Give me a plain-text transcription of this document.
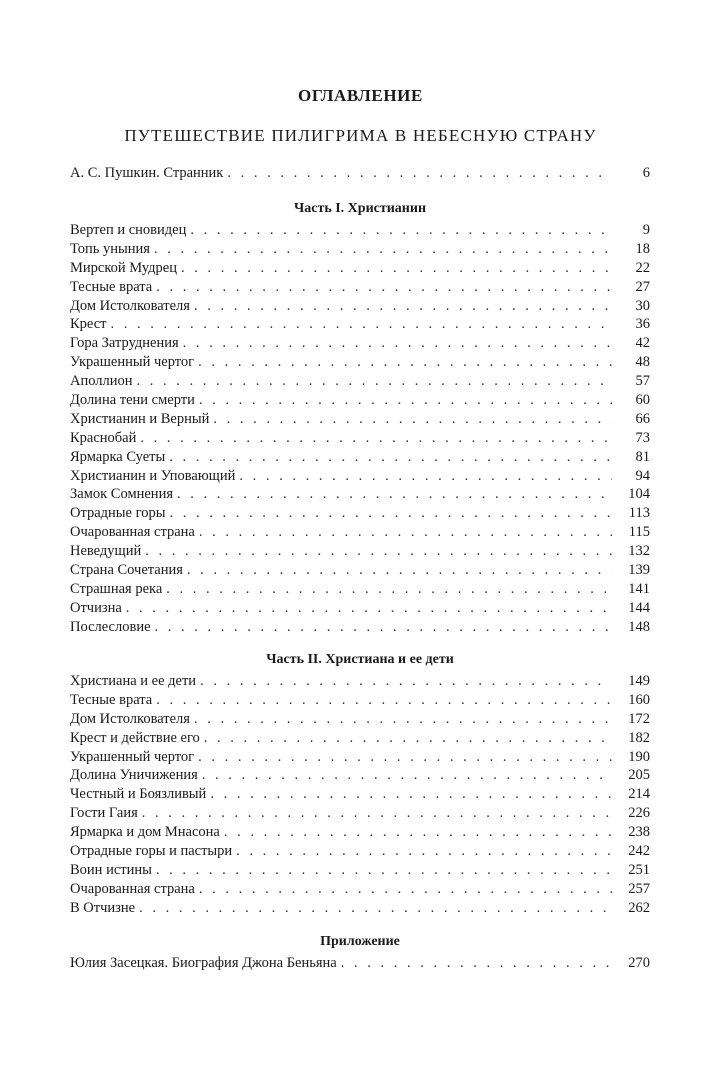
ОГЛАВЛЕНИЕ
ПУТЕШЕСТВИЕ ПИЛИГРИМА В НЕБЕСНУЮ СТРАНУ
А. С. Пушкин. Странник . . .	6
Часть I. Христианин
Вертеп и сновидец . . .	9
Топь уныния . . .	18
Мирской Мудрец . . .	22
Тесные врата . . .	27
Дом Истолкователя . . .	30
Крест . . .	36
Гора Затруднения . . .	42
Украшенный чертог . . .	48
Аполлион . . .	57
Долина тени смерти . . .	60
Христианин и Верный . . .	66
Краснобай . . .	73
Ярмарка Суеты . . .	81
Христианин и Уповающий . . .	94
Замок Сомнения . . .	104
Отрадные горы . . .	113
Очарованная страна . . .	115
Неведущий . . .	132
Страна Сочетания . . .	139
Страшная река . . .	141
Отчизна . . .	144
Послесловие . . .	148
Часть II. Христиана и ее дети
Христиана и ее дети . . .	149
Тесные врата . . .	160
Дом Истолкователя . . .	172
Крест и действие его . . .	182
Украшенный чертог . . .	190
Долина Уничижения . . .	205
Честный и Боязливый . . .	214
Гости Гаия . . .	226
Ярмарка и дом Мнасона . . .	238
Отрадные горы и пастыри . . .	242
Воин истины . . .	251
Очарованная страна . . .	257
В Отчизне . . .	262
Приложение
Юлия Засецкая. Биография Джона Беньяна . . .	270
